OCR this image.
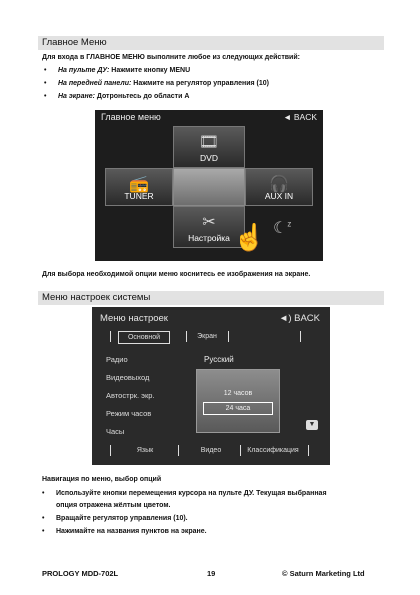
Главное Меню
Для входа в ГЛАВНОЕ МЕНЮ выполните любое из следующих действий:
• На пульте ДУ: Нажмите кнопку MENU
• На передней панели: Нажмите на регулятор управления (10)
• На экране: Дотроньтесь до области А
Главное меню	◄ BACK
🎞
DVD
📻
TUNER
🎧
AUX IN
✂
Настройка
☾$^z$
☝
Для выбора необходимой опции меню коснитесь ее изображения на экране.
Меню настроек системы
Меню настроек	◄) BACK
Основной	Экран
Радио
Видеовыход
Автострк. экр.
Режим часов
Часы
Русский
12 часов
24 часа
▼
Язык	Видео	Классификация
Навигация по меню, выбор опций
• Используйте кнопки перемещения курсора на пульте ДУ. Текущая выбранная
опция отражена жёлтым цветом.
• Вращайте регулятор управления (10).
• Нажимайте на названия пунктов на экране.
PROLOGY MDD-702L	19	© Saturn Marketing Ltd
